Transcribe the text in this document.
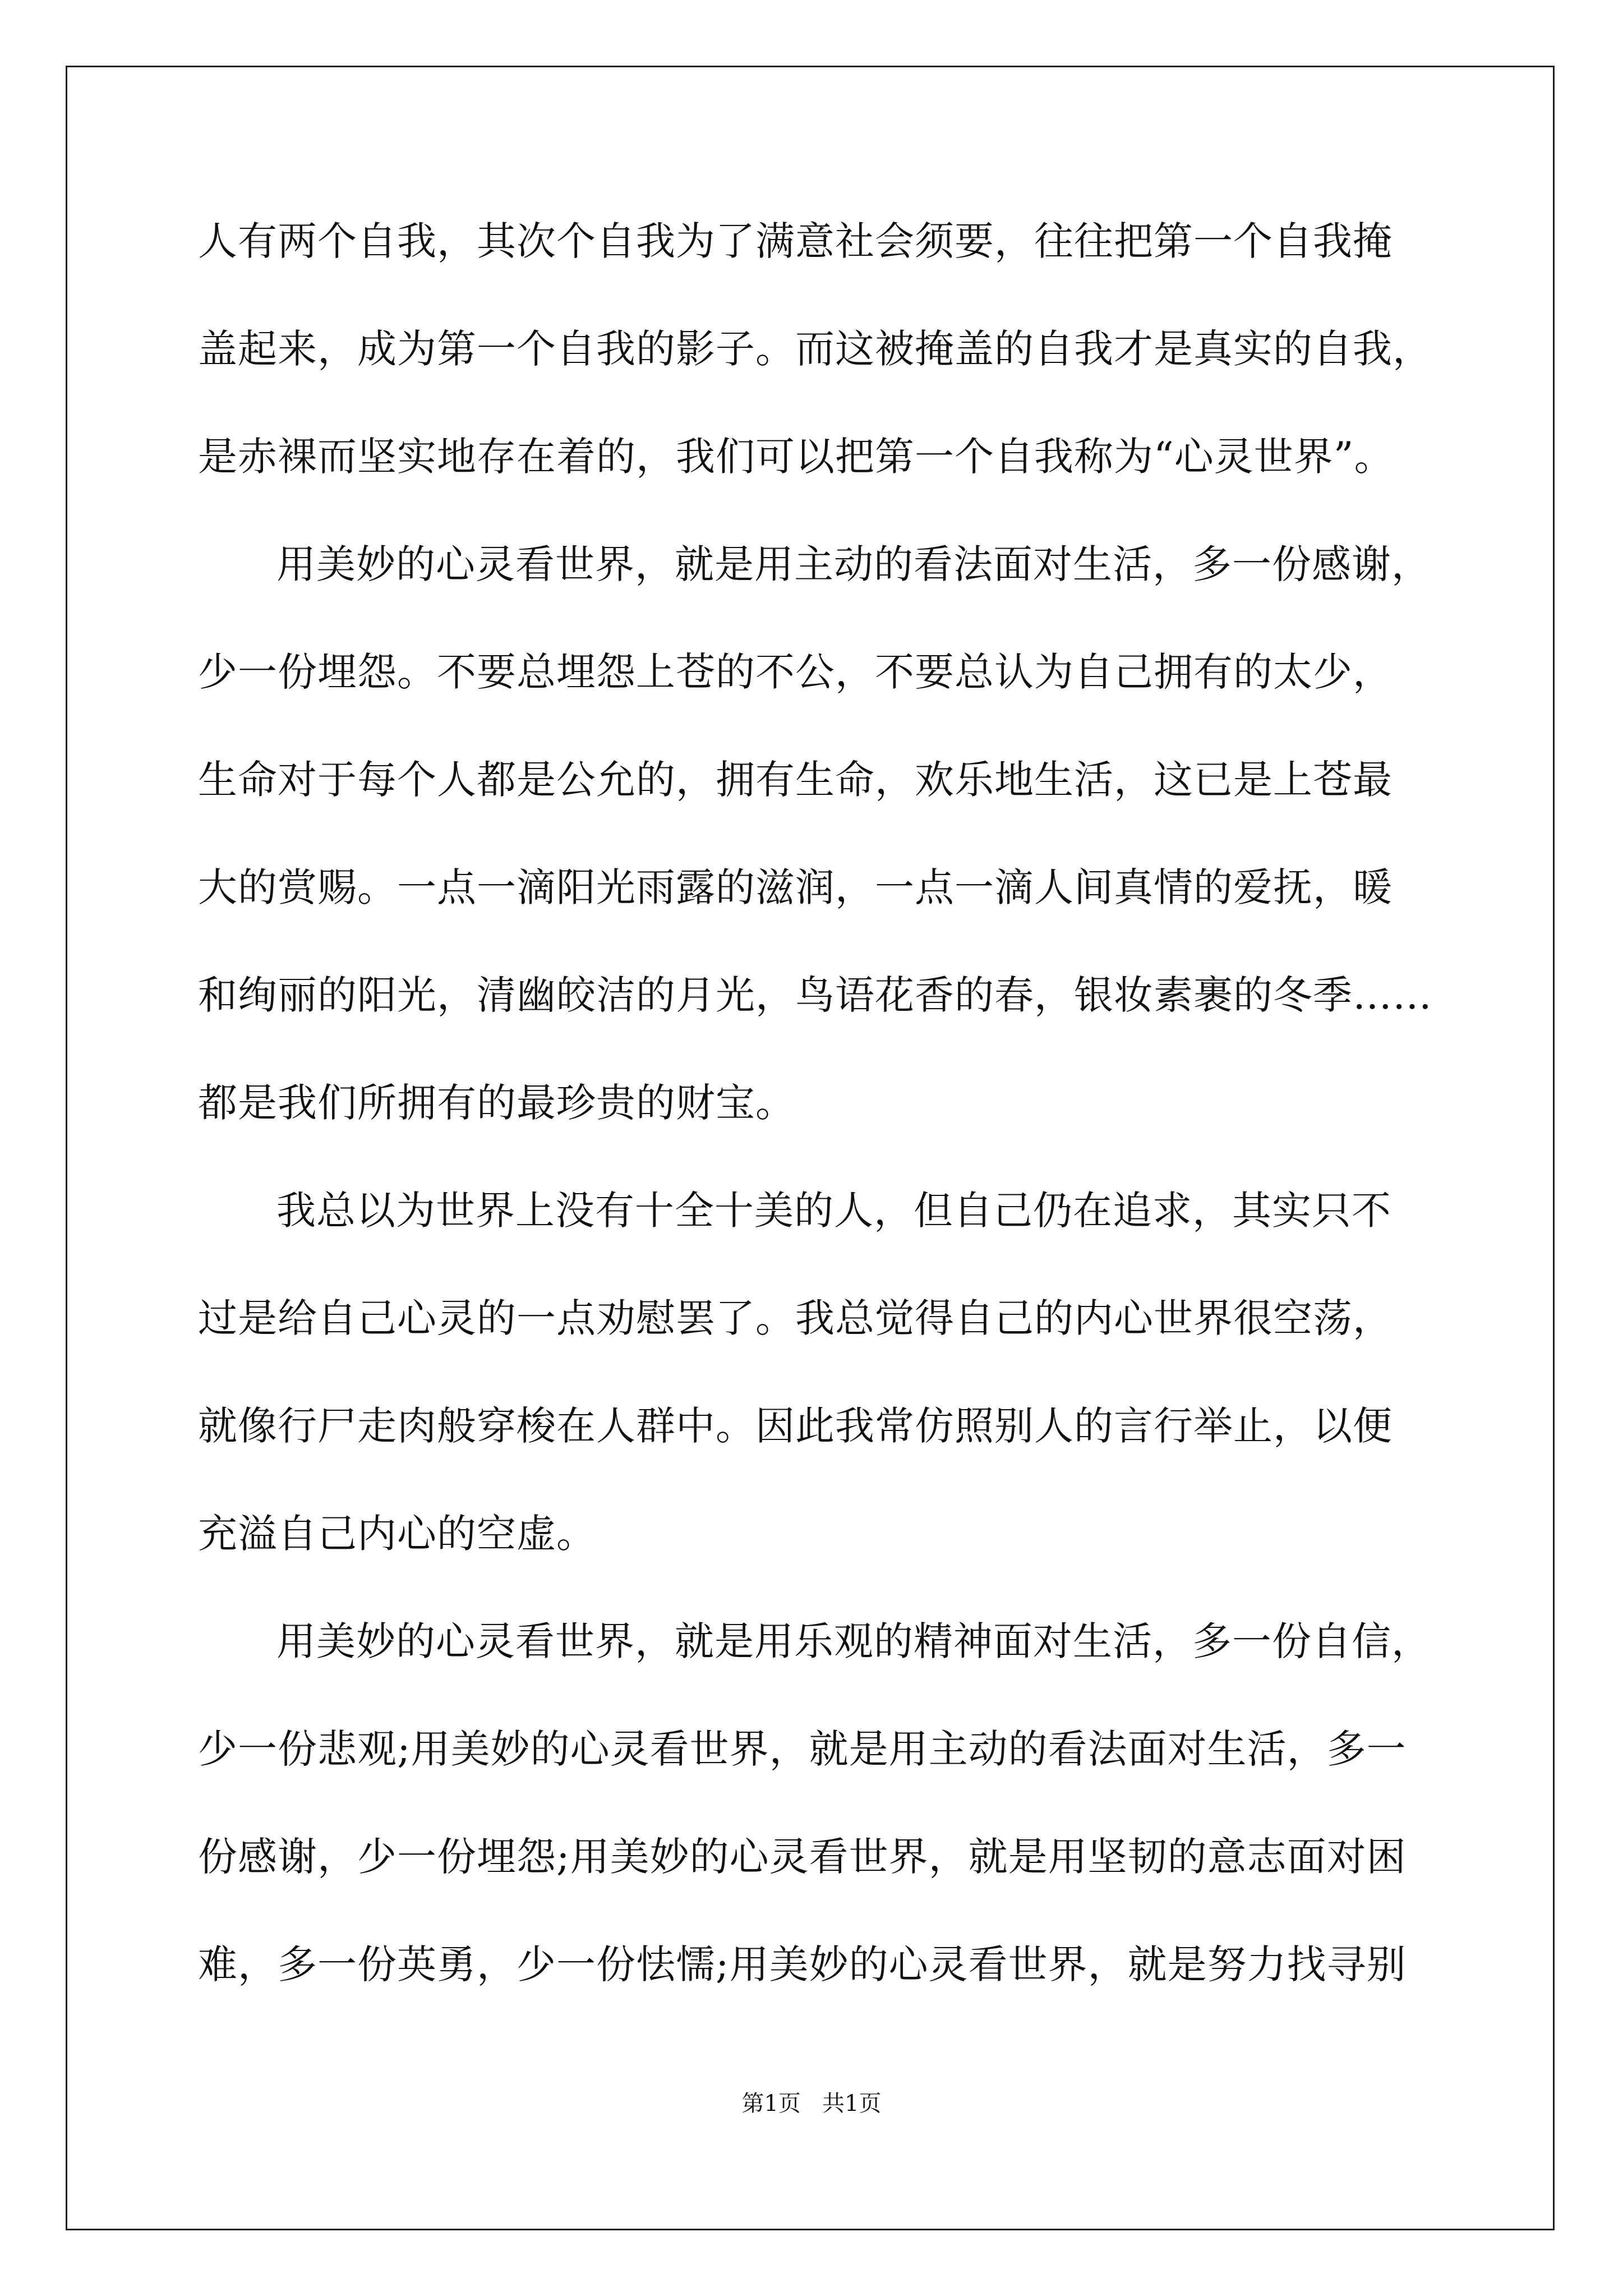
人有两个自我，其次个自我为了满意社会须要，往往把第一个自我掩
盖起来，成为第一个自我的影子。而这被掩盖的自我才是真实的自我，
是赤裸而坚实地存在着的，我们可以把第一个自我称为“心灵世界”。
用美妙的心灵看世界，就是用主动的看法面对生活，多一份感谢，
少一份埋怨。不要总埋怨上苍的不公，不要总认为自己拥有的太少，
生命对于每个人都是公允的，拥有生命，欢乐地生活，这已是上苍最
大的赏赐。一点一滴阳光雨露的滋润，一点一滴人间真情的爱抚，暖
和绚丽的阳光，清幽皎洁的月光，鸟语花香的春，银妆素裹的冬季……
都是我们所拥有的最珍贵的财宝。
我总以为世界上没有十全十美的人，但自己仍在追求，其实只不
过是给自己心灵的一点劝慰罢了。我总觉得自己的内心世界很空荡，
就像行尸走肉般穿梭在人群中。因此我常仿照别人的言行举止，以便
充溢自己内心的空虚。
用美妙的心灵看世界，就是用乐观的精神面对生活，多一份自信，
少一份悲观;用美妙的心灵看世界，就是用主动的看法面对生活，多一
份感谢，少一份埋怨;用美妙的心灵看世界，就是用坚韧的意志面对困
难，多一份英勇，少一份怯懦;用美妙的心灵看世界，就是努力找寻别
第1页   共1页
